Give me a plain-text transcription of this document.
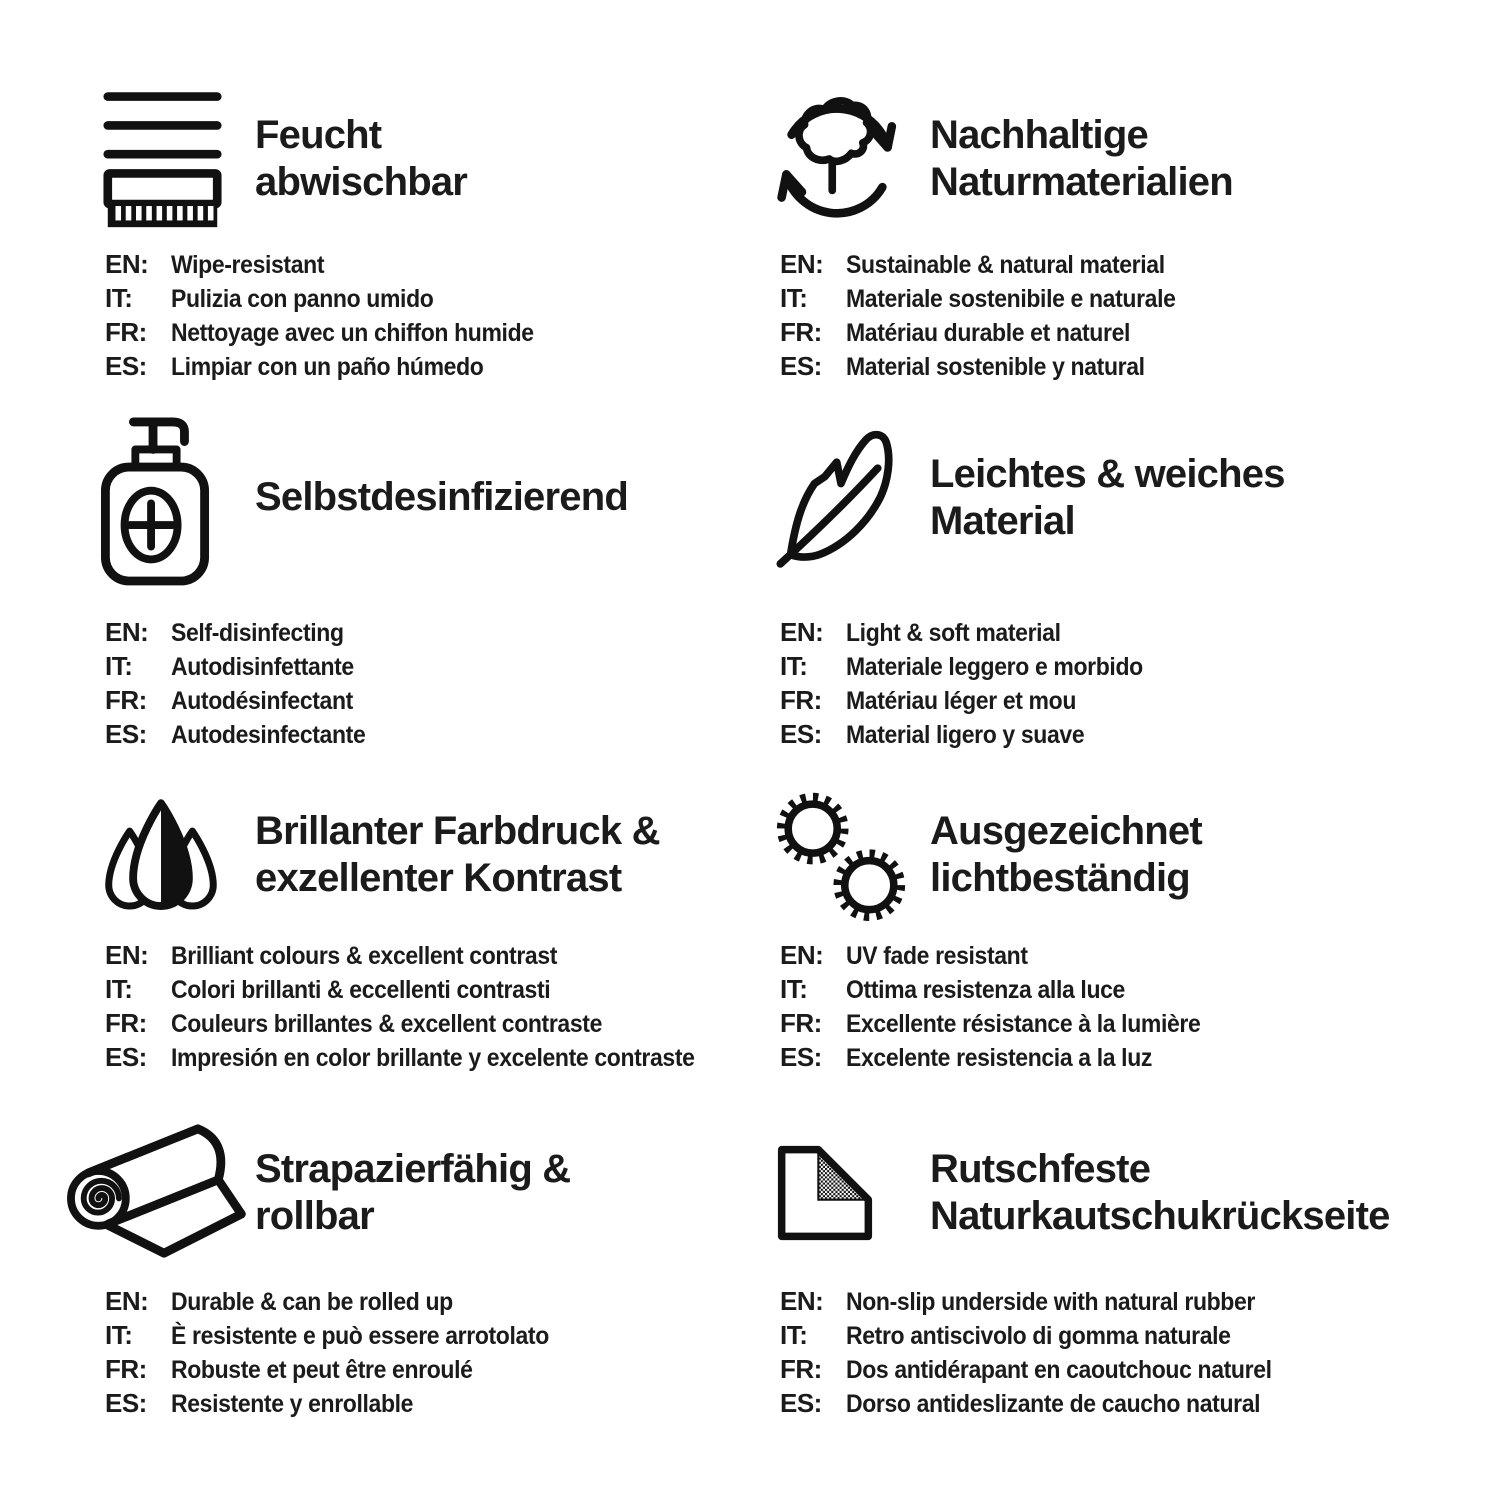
Feucht
abwischbar
EN: Wipe-resistant
IT:	Pulizia con panno umido
FR: Nettoyage avec un chiffon humide
ES: Limpiar con un paño húmedo
Nachhaltige
Naturmaterialien
EN: Sustainable & natural material
IT:	Materiale sostenibile e naturale
FR: Matériau durable et naturel
ES: Material sostenible y natural
Selbstdesinfizierend
EN: Self-disinfecting
IT:	Autodisinfettante
FR: Autodésinfectant
ES: Autodesinfectante
Leichtes & weiches
Material
EN: Light & soft material
IT:	Materiale leggero e morbido
FR: Matériau léger et mou
ES: Material ligero y suave
Brillanter Farbdruck &
exzellenter Kontrast
EN: Brilliant colours & excellent contrast
IT:	Colori brillanti & eccellenti contrasti
FR: Couleurs brillantes & excellent contraste
ES: Impresión en color brillante y excelente contraste
Ausgezeichnet
lichtbeständig
EN: UV fade resistant
IT:	Ottima resistenza alla luce
FR: Excellente résistance à la lumière
ES: Excelente resistencia a la luz
Strapazierfähig &
rollbar
EN: Durable & can be rolled up
IT:	È resistente e può essere arrotolato
FR: Robuste et peut être enroulé
ES: Resistente y enrollable
Rutschfeste
Naturkautschukrückseite
EN: Non-slip underside with natural rubber
IT:	Retro antiscivolo di gomma naturale
FR: Dos antidérapant en caoutchouc naturel
ES: Dorso antideslizante de caucho natural
